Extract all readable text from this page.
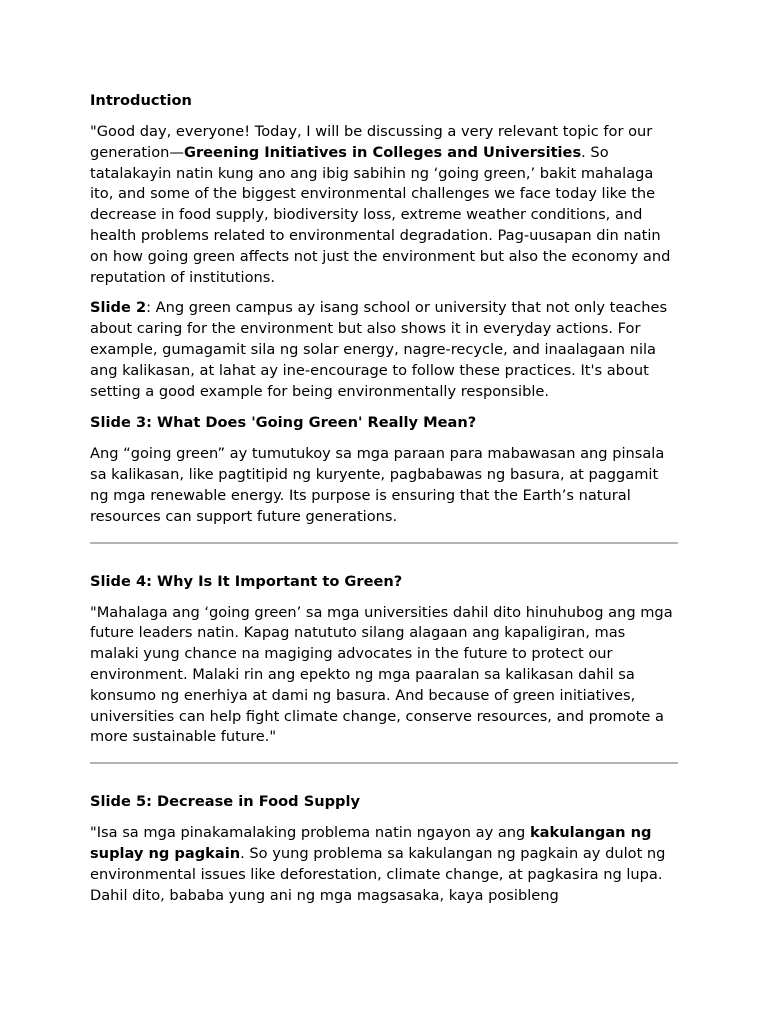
Introduction

"Good day, everyone! Today, I will be discussing a very relevant topic for our generation—Greening Initiatives in Colleges and Universities. So tatalakayin natin kung ano ang ibig sabihin ng ‘going green,’ bakit mahalaga ito, and some of the biggest environmental challenges we face today like the decrease in food supply, biodiversity loss, extreme weather conditions, and health problems related to environmental degradation. Pag-uusapan din natin on how going green affects not just the environment but also the economy and reputation of institutions.

Slide 2: Ang green campus ay isang school or university that not only teaches about caring for the environment but also shows it in everyday actions. For example, gumagamit sila ng solar energy, nagre-recycle, and inaalagaan nila ang kalikasan, at lahat ay ine-encourage to follow these practices. It's about setting a good example for being environmentally responsible.

Slide 3: What Does 'Going Green' Really Mean?

Ang “going green” ay tumutukoy sa mga paraan para mabawasan ang pinsala sa kalikasan, like pagtitipid ng kuryente, pagbabawas ng basura, at paggamit ng mga renewable energy. Its purpose is ensuring that the Earth’s natural resources can support future generations.

Slide 4: Why Is It Important to Green?

"Mahalaga ang ‘going green’ sa mga universities dahil dito hinuhubog ang mga future leaders natin. Kapag natututo silang alagaan ang kapaligiran, mas malaki yung chance na magiging advocates in the future to protect our environment. Malaki rin ang epekto ng mga paaralan sa kalikasan dahil sa konsumo ng enerhiya at dami ng basura. And because of green initiatives, universities can help fight climate change, conserve resources, and promote a more sustainable future."

Slide 5: Decrease in Food Supply

"Isa sa mga pinakamalaking problema natin ngayon ay ang kakulangan ng suplay ng pagkain. So yung problema sa kakulangan ng pagkain ay dulot ng environmental issues like deforestation, climate change, at pagkasira ng lupa. Dahil dito, bababa yung ani ng mga magsasaka, kaya posibleng
